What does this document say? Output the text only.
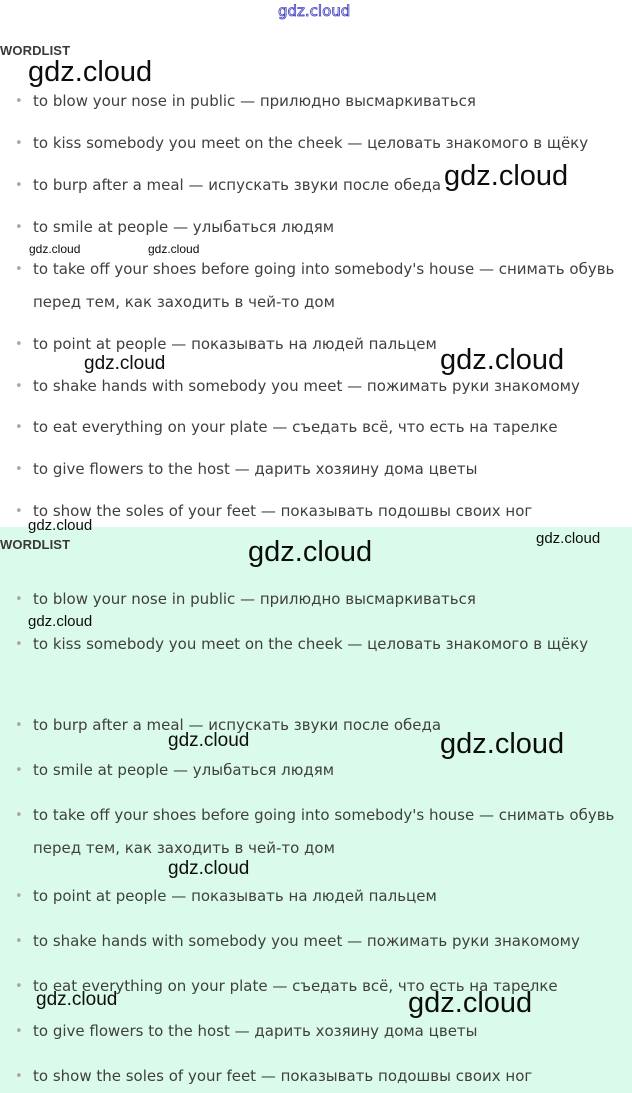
gdz.cloud
WORDLIST
• to blow your nose in public — прилюдно высмаркиваться
• to kiss somebody you meet on the cheek — целовать знакомого в щёку
• to burp after a meal — испускать звуки после обеда
• to smile at people — улыбаться людям
• to take off your shoes before going into somebody's house — снимать обувь перед тем, как заходить в чей-то дом
• to point at people — показывать на людей пальцем
• to shake hands with somebody you meet — пожимать руки знакомому
• to eat everything on your plate — съедать всё, что есть на тарелке
• to give flowers to the host — дарить хозяину дома цветы
• to show the soles of your feet — показывать подошвы своих ног
WORDLIST
• to blow your nose in public — прилюдно высмаркиваться
• to kiss somebody you meet on the cheek — целовать знакомого в щёку
• to burp after a meal — испускать звуки после обеда
• to smile at people — улыбаться людям
• to take off your shoes before going into somebody's house — снимать обувь перед тем, как заходить в чей-то дом
• to point at people — показывать на людей пальцем
• to shake hands with somebody you meet — пожимать руки знакомому
• to eat everything on your plate — съедать всё, что есть на тарелке
• to give flowers to the host — дарить хозяину дома цветы
• to show the soles of your feet — показывать подошвы своих ног
gdz.cloud
gdz.cloud
gdz.cloud	gdz.cloud
gdz.cloud	gdz.cloud
gdz.cloud
gdz.cloud	gdz.cloud
gdz.cloud
gdz.cloud	gdz.cloud
gdz.cloud
gdz.cloud	gdz.cloud
